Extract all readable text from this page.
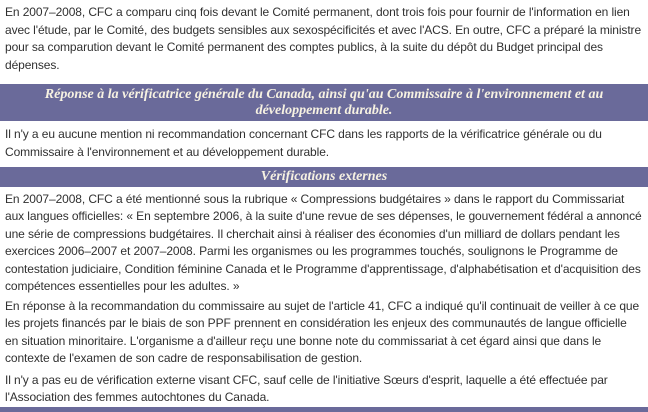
En 2007–2008, CFC a comparu cinq fois devant le Comité permanent, dont trois fois pour fournir de l'information en lien avec l'étude, par le Comité, des budgets sensibles aux sexospécificités et avec l'ACS. En outre, CFC a préparé la ministre pour sa comparution devant le Comité permanent des comptes publics, à la suite du dépôt du Budget principal des dépenses.
Réponse à la vérificatrice générale du Canada, ainsi qu'au Commissaire à l'environnement et au développement durable.
Il n'y a eu aucune mention ni recommandation concernant CFC dans les rapports de la vérificatrice générale ou du Commissaire à l'environnement et au développement durable.
Vérifications externes
En 2007–2008, CFC a été mentionné sous la rubrique « Compressions budgétaires » dans le rapport du Commissariat aux langues officielles: « En septembre 2006, à la suite d'une revue de ses dépenses, le gouvernement fédéral a annoncé une série de compressions budgétaires. Il cherchait ainsi à réaliser des économies d'un milliard de dollars pendant les exercices 2006–2007 et 2007–2008. Parmi les organismes ou les programmes touchés, soulignons le Programme de contestation judiciaire, Condition féminine Canada et le Programme d'apprentissage, d'alphabétisation et d'acquisition des compétences essentielles pour les adultes. »
En réponse à la recommandation du commissaire au sujet de l'article 41, CFC a indiqué qu'il continuait de veiller à ce que les projets financés par le biais de son PPF prennent en considération les enjeux des communautés de langue officielle en situation minoritaire. L'organisme a d'ailleur reçu une bonne note du commissariat à cet égard ainsi que dans le contexte de l'examen de son cadre de responsabilisation de gestion.
Il n'y a pas eu de vérification externe visant CFC, sauf celle de l'initiative Sœurs d'esprit, laquelle a été effectuée par l'Association des femmes autochtones du Canada.
